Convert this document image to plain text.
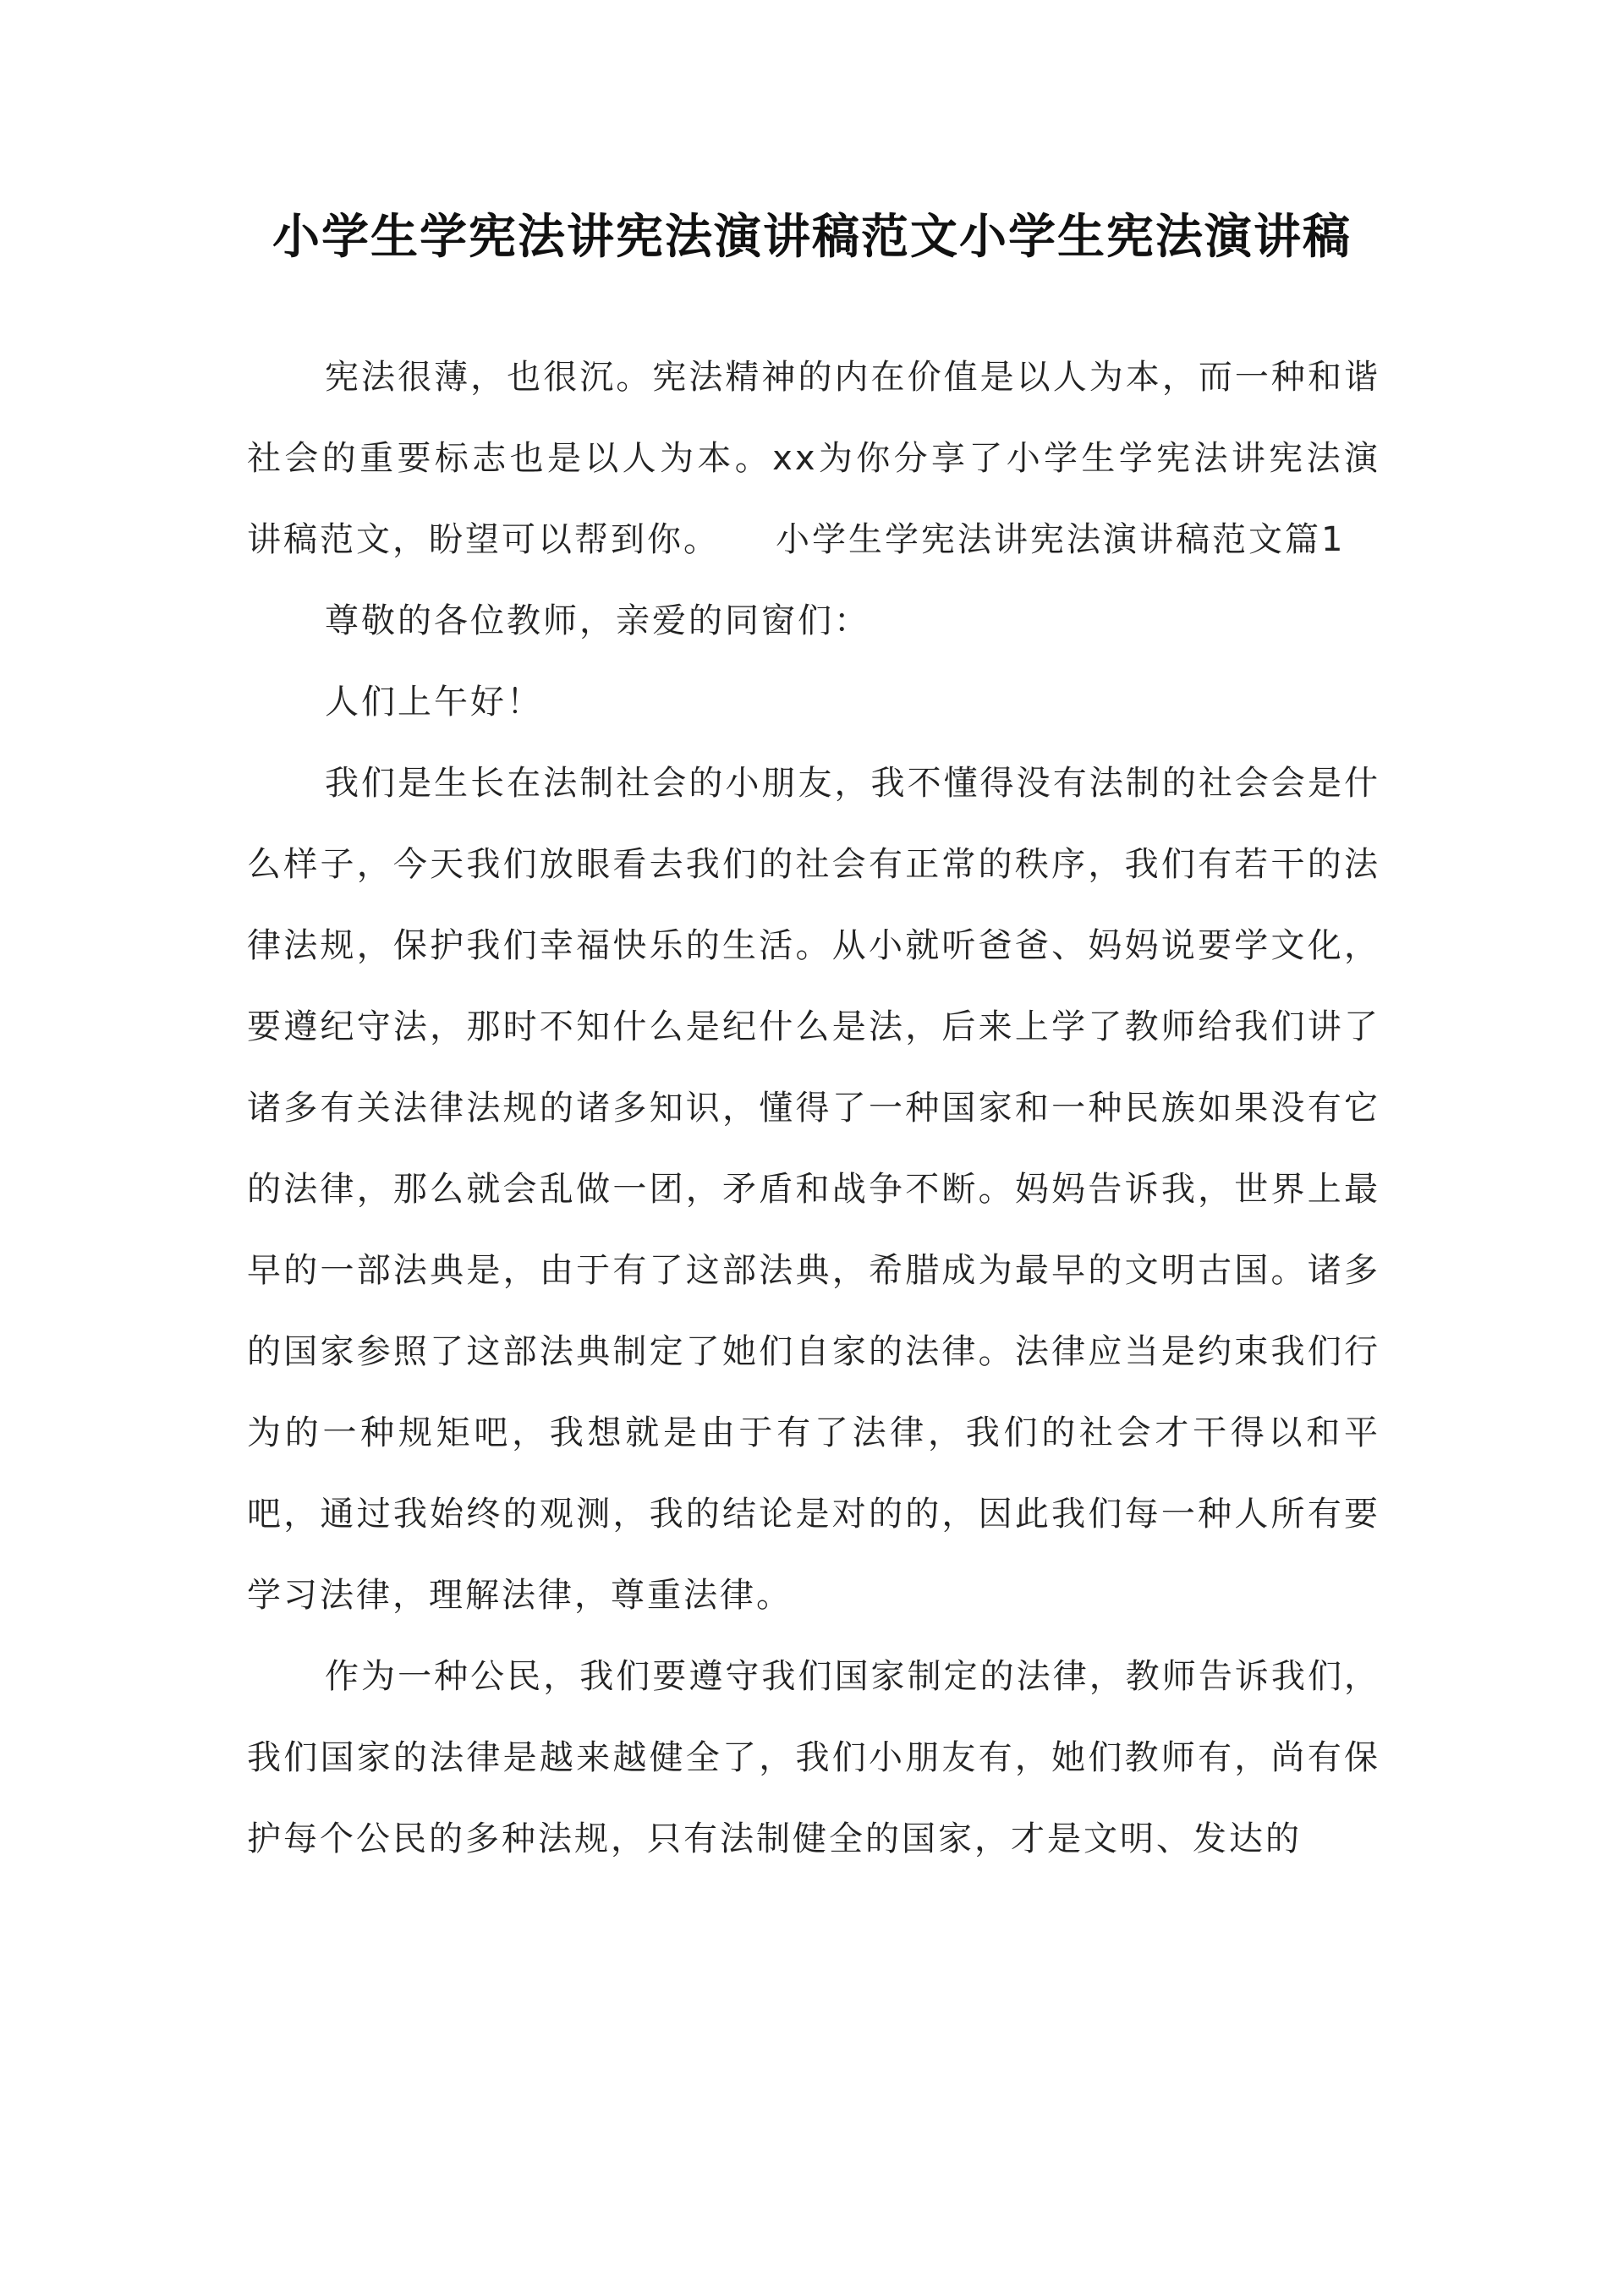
小学生学宪法讲宪法演讲稿范文小学生宪法演讲稿

宪法很薄，也很沉。宪法精神的内在价值是以人为本，而一种和谐社会的重要标志也是以人为本。xx为你分享了小学生学宪法讲宪法演讲稿范文，盼望可以帮到你。　　小学生学宪法讲宪法演讲稿范文篇1

尊敬的各位教师，亲爱的同窗们：

人们上午好！

我们是生长在法制社会的小朋友，我不懂得没有法制的社会会是什么样子，今天我们放眼看去我们的社会有正常的秩序，我们有若干的法律法规，保护我们幸福快乐的生活。从小就听爸爸、妈妈说要学文化，要遵纪守法，那时不知什么是纪什么是法，后来上学了教师给我们讲了诸多有关法律法规的诸多知识，懂得了一种国家和一种民族如果没有它的法律，那么就会乱做一团，矛盾和战争不断。妈妈告诉我，世界上最早的一部法典是，由于有了这部法典，希腊成为最早的文明古国。诸多的国家参照了这部法典制定了她们自家的法律。法律应当是约束我们行为的一种规矩吧，我想就是由于有了法律，我们的社会才干得以和平吧，通过我始终的观测，我的结论是对的的，因此我们每一种人所有要学习法律，理解法律，尊重法律。

作为一种公民，我们要遵守我们国家制定的法律，教师告诉我们，我们国家的法律是越来越健全了，我们小朋友有，她们教师有，尚有保护每个公民的多种法规，只有法制健全的国家，才是文明、发达的
